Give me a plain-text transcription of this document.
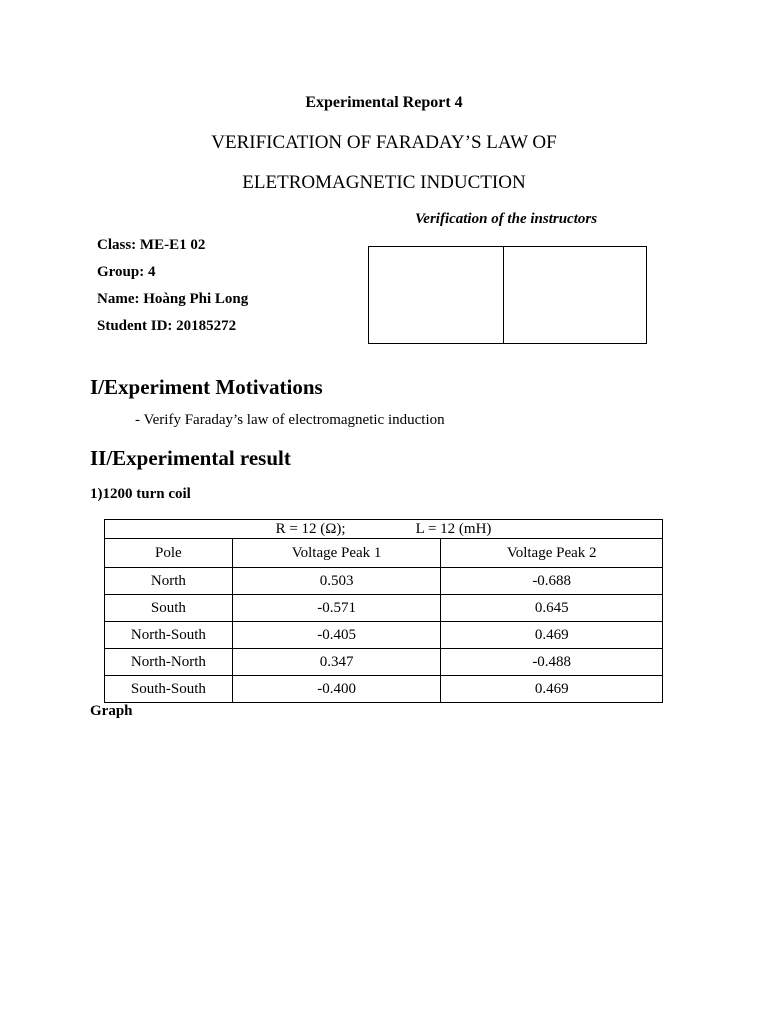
Experimental Report 4
VERIFICATION OF FARADAY’S LAW OF
ELETROMAGNETIC INDUCTION
Verification of the instructors
Class: ME-E1 02
Group: 4
Name: Hoàng Phi Long
Student ID: 20185272
I/Experiment Motivations
- Verify Faraday’s law of electromagnetic induction
II/Experimental result
1)1200 turn coil
R = 12 (Ω); L = 12 (mH)		
Pole	Voltage Peak 1	Voltage Peak 2
North	0.503	-0.688
South	-0.571	0.645
North-South	-0.405	0.469
North-North	0.347	-0.488
South-South	-0.400	0.469
Graph
